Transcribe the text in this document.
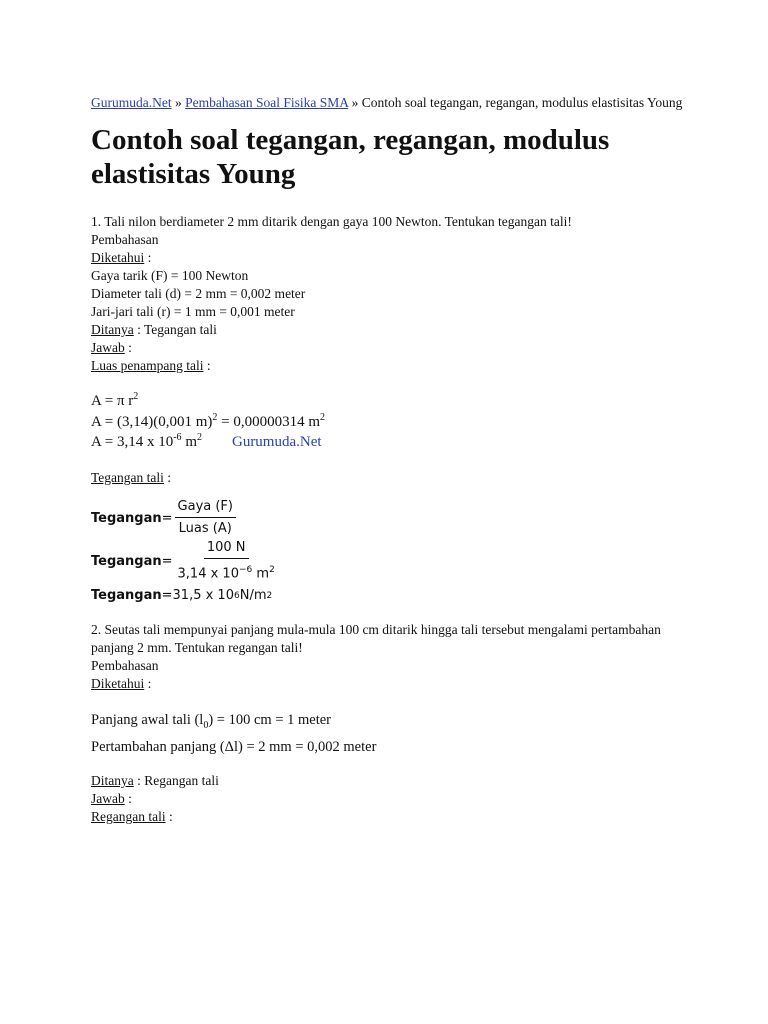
Gurumuda.Net » Pembahasan Soal Fisika SMA » Contoh soal tegangan, regangan, modulus elastisitas Young

Contoh soal tegangan, regangan, modulus elastisitas Young

1. Tali nilon berdiameter 2 mm ditarik dengan gaya 100 Newton. Tentukan tegangan tali!

Pembahasan

Diketahui :

Gaya tarik (F) = 100 Newton

Diameter tali (d) = 2 mm = 0,002 meter

Jari-jari tali (r) = 1 mm = 0,001 meter

Ditanya : Tegangan tali

Jawab :

Luas penampang tali :

A = π $r^2$
A = (3,14)(0,001 m)$^2$ = 0,00000314 $m^2$
A = 3,14 x $10^{-6}$ $m^2$ Gurumuda.Net

Tegangan tali :

Tegangan = $\frac{\text{Gaya (F)}}{\text{Luas (A)}}$
Tegangan = $\frac{100 N}{3,14 x 10^{-6} m^2}$
Tegangan = 31,5 x 10 6 N/m 2

2. Seutas tali mempunyai panjang mula-mula 100 cm ditarik hingga tali tersebut mengalami pertambahan panjang 2 mm. Tentukan regangan tali!

Pembahasan

Diketahui :

Panjang awal tali $(l_0) = 100$ cm = 1 meter
Pertambahan panjang (Δl) = 2 mm = 0,002 meter

Ditanya : Regangan tali

Jawab :

Regangan tali :
